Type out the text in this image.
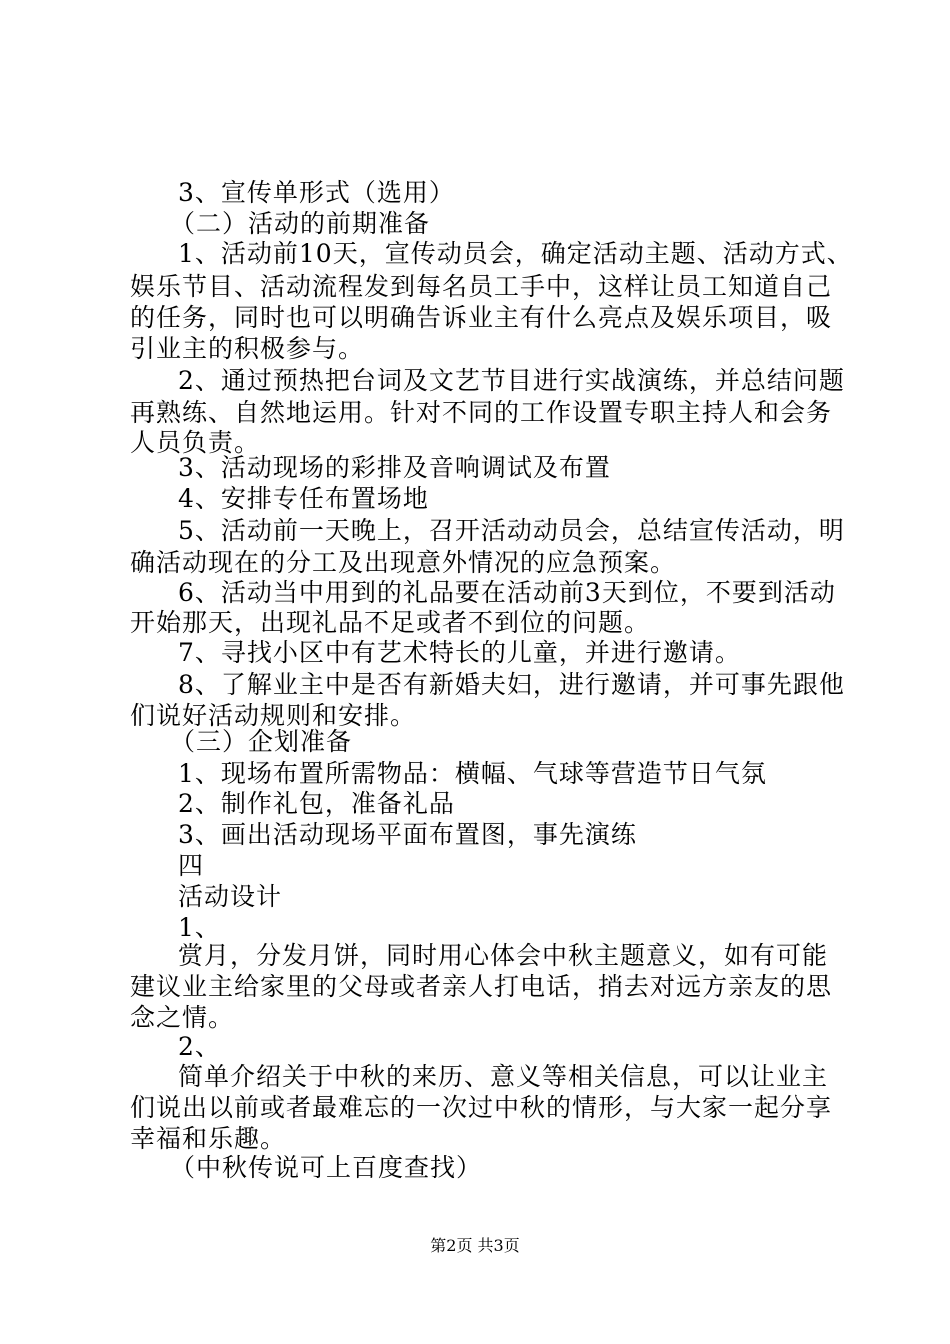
3、宣传单形式（选用）
（二）活动的前期准备
1、活动前10天，宣传动员会，确定活动主题、活动方式、
娱乐节目、活动流程发到每名员工手中，这样让员工知道自己
的任务，同时也可以明确告诉业主有什么亮点及娱乐项目，吸
引业主的积极参与。
2、通过预热把台词及文艺节目进行实战演练，并总结问题
再熟练、自然地运用。针对不同的工作设置专职主持人和会务
人员负责。
3、活动现场的彩排及音响调试及布置
4、安排专任布置场地
5、活动前一天晚上，召开活动动员会，总结宣传活动，明
确活动现在的分工及出现意外情况的应急预案。
6、活动当中用到的礼品要在活动前3天到位，不要到活动
开始那天，出现礼品不足或者不到位的问题。
7、寻找小区中有艺术特长的儿童，并进行邀请。
8、了解业主中是否有新婚夫妇，进行邀请，并可事先跟他
们说好活动规则和安排。
（三）企划准备
1、现场布置所需物品：横幅、气球等营造节日气氛
2、制作礼包，准备礼品
3、画出活动现场平面布置图，事先演练
四
活动设计
1、
赏月，分发月饼，同时用心体会中秋主题意义，如有可能
建议业主给家里的父母或者亲人打电话，捎去对远方亲友的思
念之情。
2、
简单介绍关于中秋的来历、意义等相关信息，可以让业主
们说出以前或者最难忘的一次过中秋的情形，与大家一起分享
幸福和乐趣。
（中秋传说可上百度查找）
第2页 共3页
